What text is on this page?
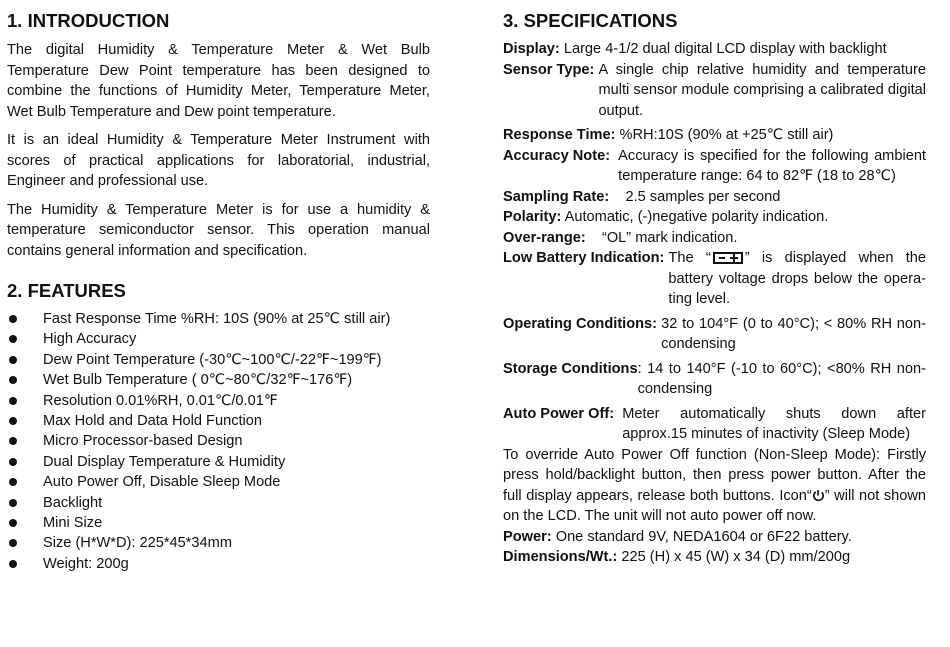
1. INTRODUCTION

The digital Humidity & Temperature Meter & Wet Bulb Temperature Dew Point temperature has been designed to combine the functions of Humidity Meter, Temperature Meter, Wet Bulb Temperature and Dew point temperature.

It is an ideal Humidity & Temperature Meter Instrument with scores of practical applications for laboratorial, industrial, Engineer and professional use.

The Humidity & Temperature Meter is for use a humidity & temperature semiconductor sensor. This operation manual contains general information and specification.

2. FEATURES
Fast Response Time %RH: 10S (90% at 25℃ still air)
High Accuracy
Dew Point Temperature (-30℃~100℃/-22℉~199℉)
Wet Bulb Temperature ( 0℃~80℃/32℉~176℉)
Resolution 0.01%RH, 0.01℃/0.01℉
Max Hold and Data Hold Function
Micro Processor-based Design
Dual Display Temperature & Humidity
Auto Power Off, Disable Sleep Mode
Backlight
Mini Size
Size (H*W*D): 225*45*34mm
Weight: 200g
3. SPECIFICATIONS

Display: Large 4-1/2 dual digital LCD display with backlight

Sensor Type:
A single chip relative humidity and temperature multi sensor module comprising a calibrated digital output.

Response Time: %RH:10S (90% at +25℃ still air)

Accuracy Note:
Accuracy is specified for the following ambient temperature range: 64 to 82℉ (18 to 28℃)

Sampling Rate: 2.5 samples per second

Polarity: Automatic, (-)negative polarity indication.

Over-range: “OL” mark indication.

Low Battery Indication:
The “ ” is displayed when the battery voltage drops below the opera-ting level.
Operating Conditions:
32 to 104°F (0 to 40°C); < 80% RH non-condensing
Storage Conditions : 14 to 140°F (-10 to 60°C); <80% RH non-condensing
Auto Power Off:
Meter automatically shuts down after approx.15 minutes of inactivity (Sleep Mode)

To override Auto Power Off function (Non-Sleep Mode): Firstly press hold/backlight button, then press power button. After the full display appears, release both buttons. Icon“ ” will not shown on the LCD. The unit will not auto power off now.

Power: One standard 9V, NEDA1604 or 6F22 battery.

Dimensions/Wt.: 225 (H) x 45 (W) x 34 (D) mm/200g
